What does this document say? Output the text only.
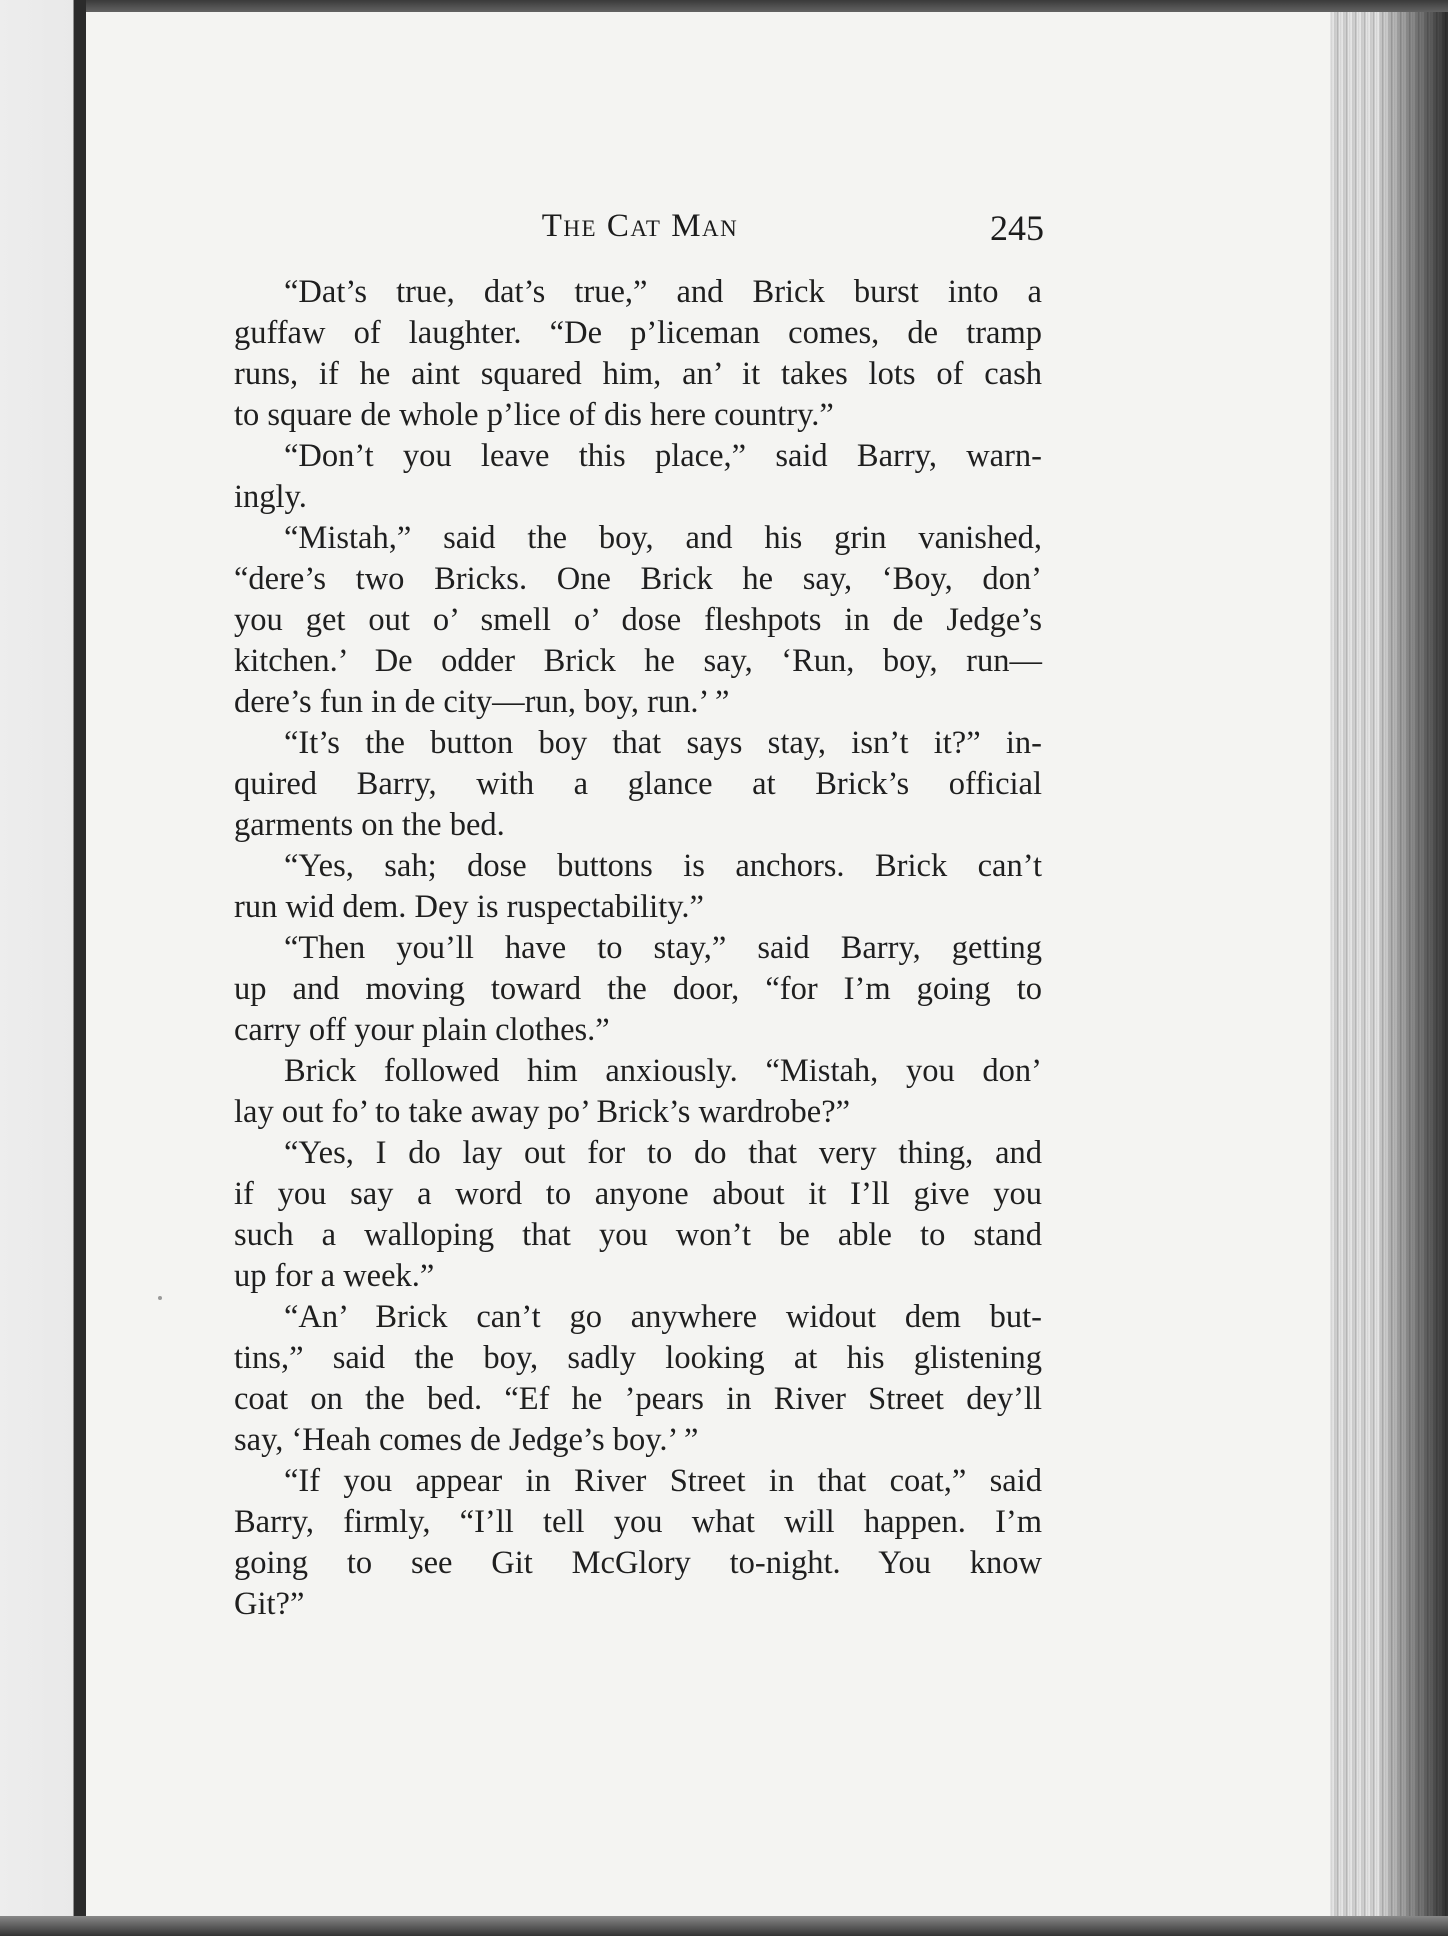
The Cat Man	245
“Dat’s true, dat’s true,” and Brick burst into a
guffaw of laughter. “De p’liceman comes, de tramp
runs, if he aint squared him, an’ it takes lots of cash
to square de whole p’lice of dis here country.”
“Don’t you leave this place,” said Barry, warn-
ingly.
“Mistah,” said the boy, and his grin vanished,
“dere’s two Bricks. One Brick he say, ‘Boy, don’
you get out o’ smell o’ dose fleshpots in de Jedge’s
kitchen.’ De odder Brick he say, ‘Run, boy, run—
dere’s fun in de city—run, boy, run.’ ”
“It’s the button boy that says stay, isn’t it?” in-
quired Barry, with a glance at Brick’s official
garments on the bed.
“Yes, sah; dose buttons is anchors. Brick can’t
run wid dem. Dey is ruspectability.”
“Then you’ll have to stay,” said Barry, getting
up and moving toward the door, “for I’m going to
carry off your plain clothes.”
Brick followed him anxiously. “Mistah, you don’
lay out fo’ to take away po’ Brick’s wardrobe?”
“Yes, I do lay out for to do that very thing, and
if you say a word to anyone about it I’ll give you
such a walloping that you won’t be able to stand
up for a week.”
“An’ Brick can’t go anywhere widout dem but-
tins,” said the boy, sadly looking at his glistening
coat on the bed. “Ef he ’pears in River Street dey’ll
say, ‘Heah comes de Jedge’s boy.’ ”
“If you appear in River Street in that coat,” said
Barry, firmly, “I’ll tell you what will happen. I’m
going to see Git McGlory to-night. You know
Git?”
